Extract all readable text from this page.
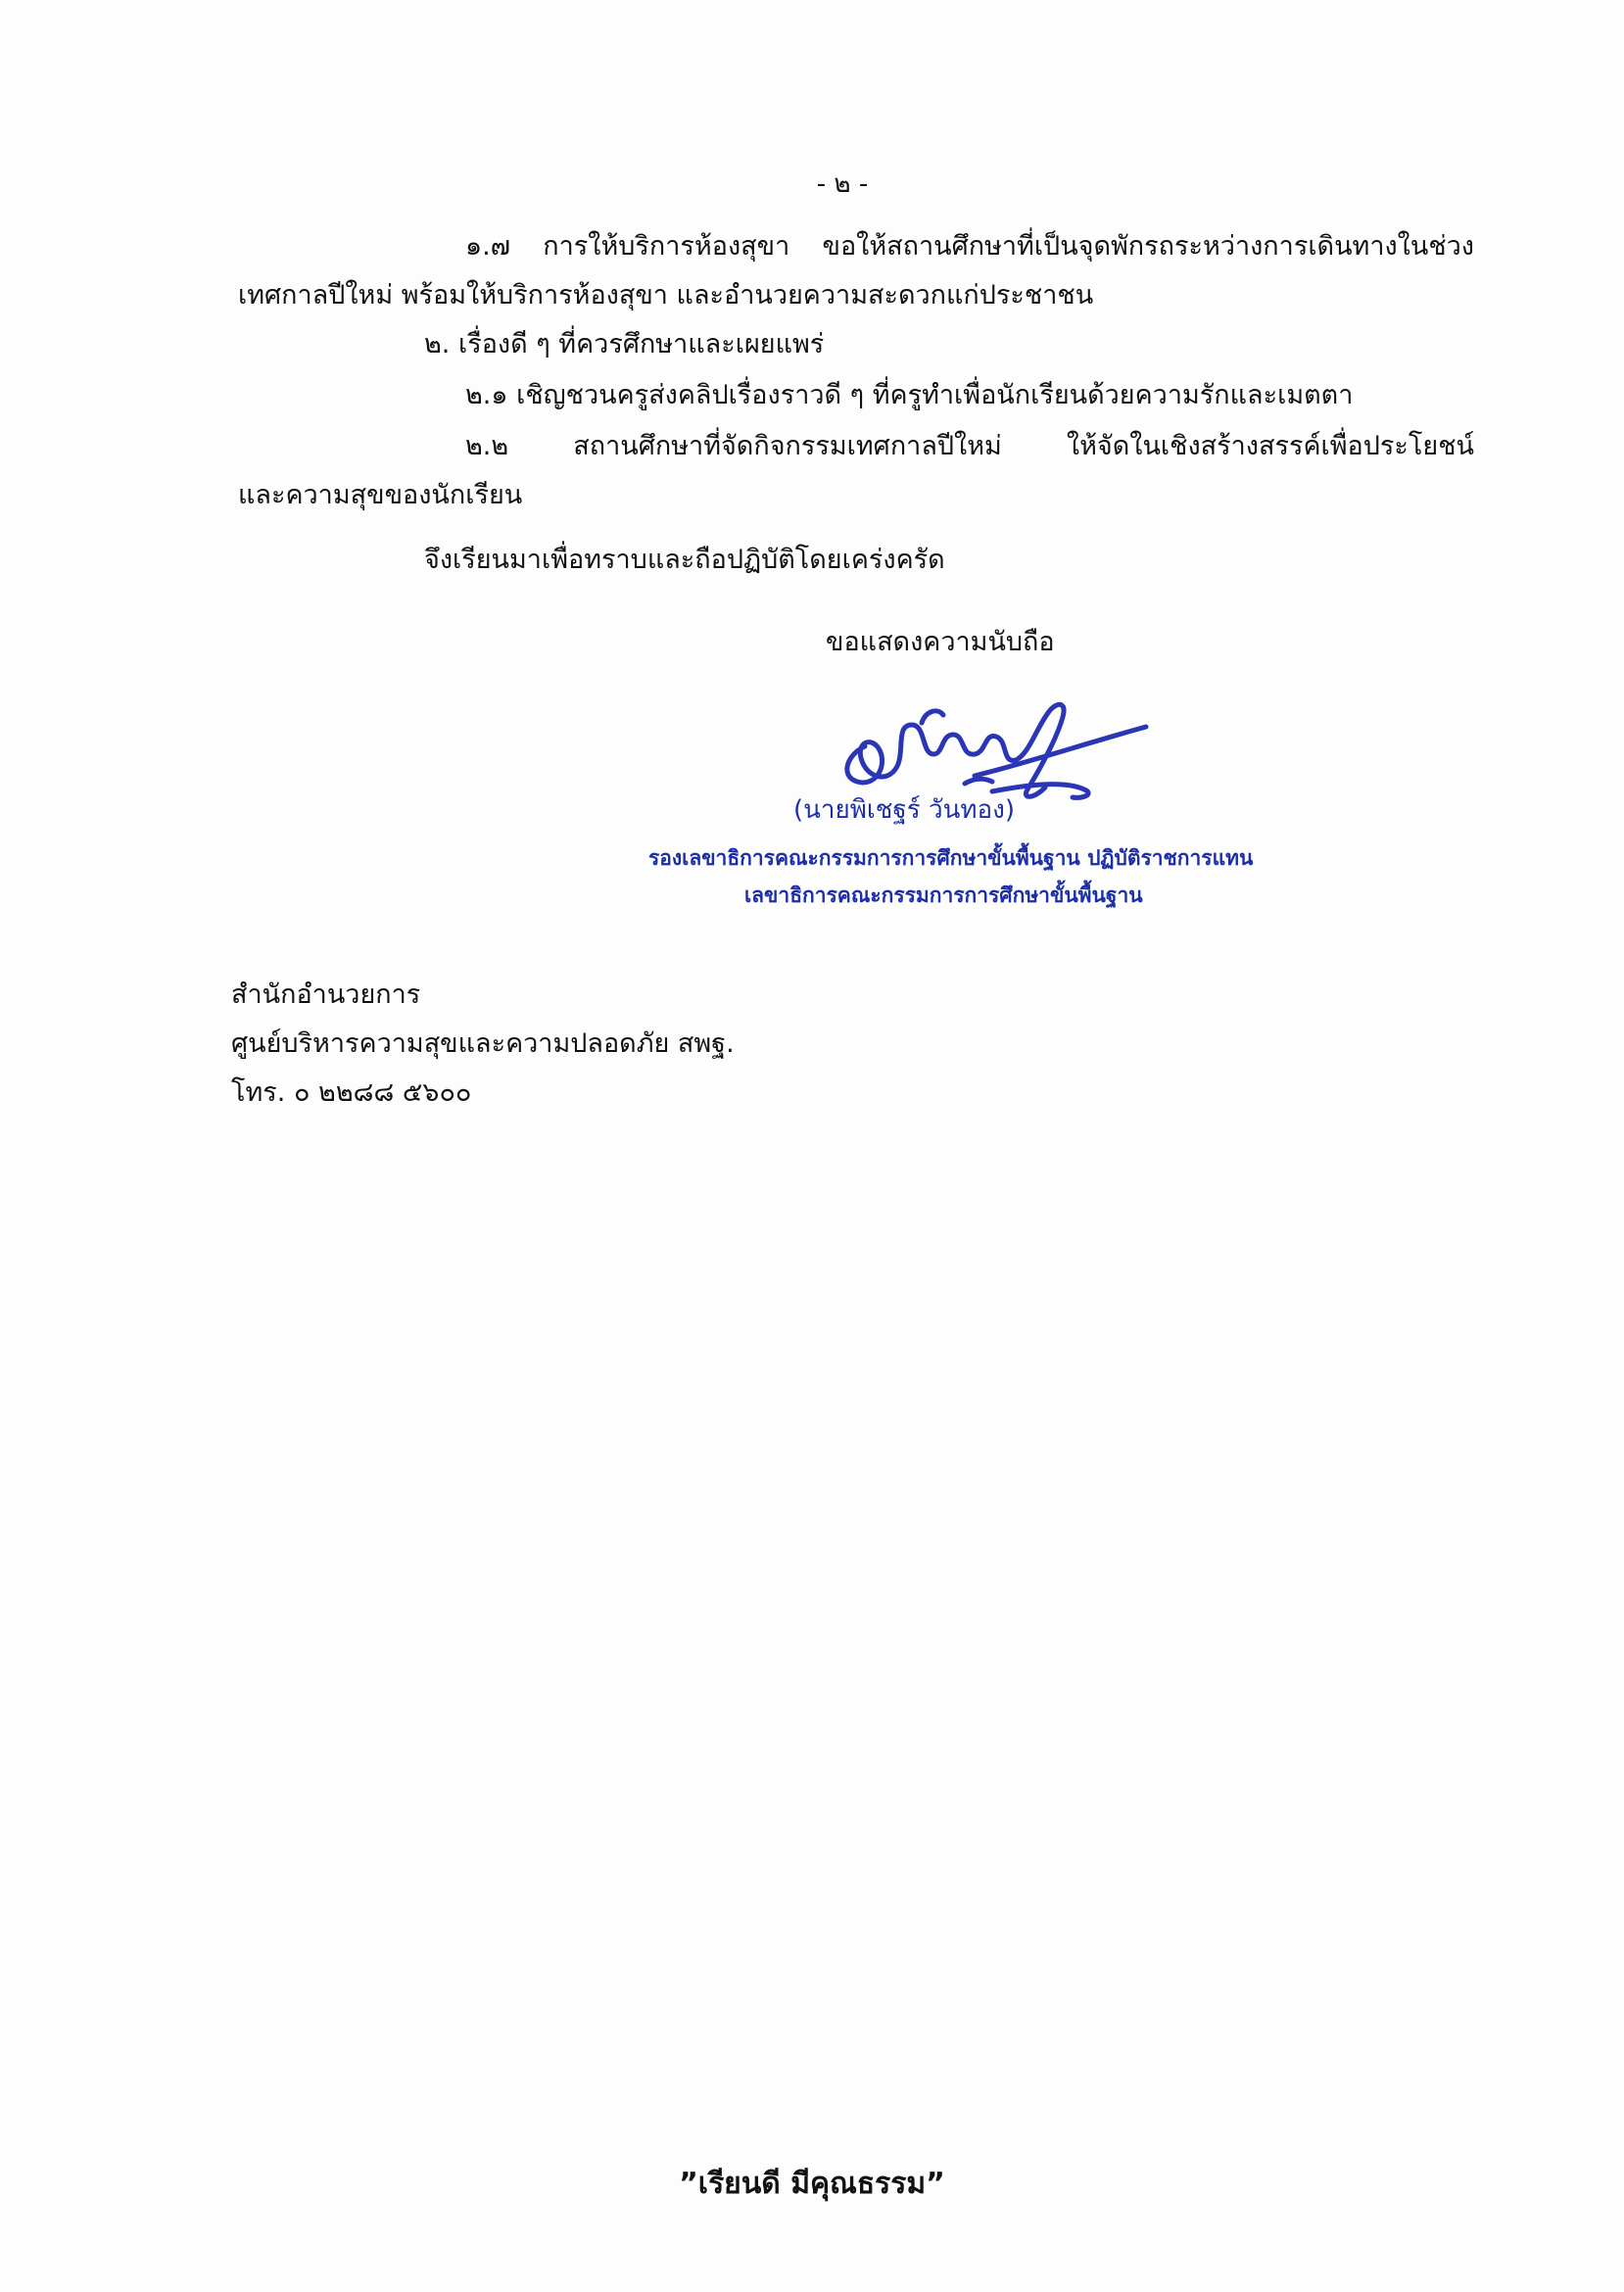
- ๒ -
๑.๗ การให้บริการห้องสุขา ขอให้สถานศึกษาที่เป็นจุดพักรถระหว่างการเดินทางในช่วง
เทศกาลปีใหม่ พร้อมให้บริการห้องสุขา และอำนวยความสะดวกแก่ประชาชน
๒. เรื่องดี ๆ ที่ควรศึกษาและเผยแพร่
๒.๑ เชิญชวนครูส่งคลิปเรื่องราวดี ๆ ที่ครูทำเพื่อนักเรียนด้วยความรักและเมตตา
๒.๒ สถานศึกษาที่จัดกิจกรรมเทศกาลปีใหม่ ให้จัดในเชิงสร้างสรรค์เพื่อประโยชน์
และความสุขของนักเรียน
จึงเรียนมาเพื่อทราบและถือปฏิบัติโดยเคร่งครัด
ขอแสดงความนับถือ
(นายพิเชฐร์ วันทอง)
รองเลขาธิการคณะกรรมการการศึกษาขั้นพื้นฐาน ปฏิบัติราชการแทน
เลขาธิการคณะกรรมการการศึกษาขั้นพื้นฐาน
สำนักอำนวยการ
ศูนย์บริหารความสุขและความปลอดภัย สพฐ.
โทร. ๐ ๒๒๘๘ ๕๖๐๐
”เรียนดี มีคุณธรรม”
